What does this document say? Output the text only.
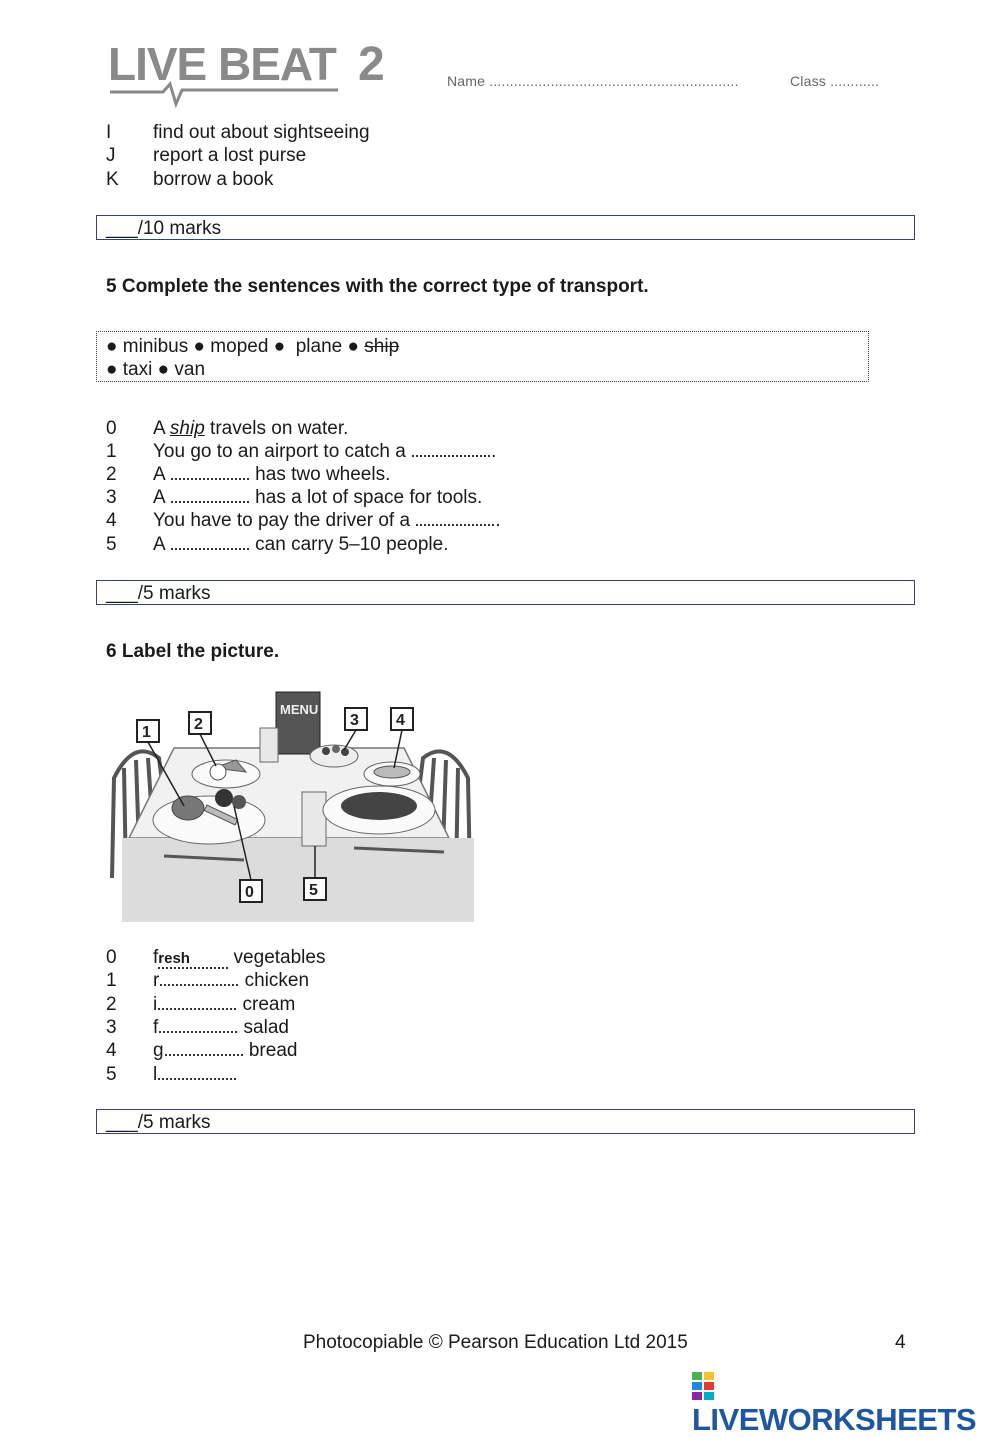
LIVE BEAT 2	Name .............................................................	Class ............
I find out about sightseeing
J report a lost purse
K borrow a book
___/10 marks
5 Complete the sentences with the correct type of transport.
● minibus ● moped ● plane ● ship
● taxi ● van
0 A ship travels on water.
1 You go to an airport to catch a	.
2 A	has two wheels.
3 A	has a lot of space for tools.
4 You have to pay the driver of a	.
5 A	can carry 5–10 people.
___/5 marks
6 Label the picture.
MENU
1	2	3 4
0	5
0 fresh vegetables
1 r	chicken
2 i	cream
3 f	salad
4 g	bread
5 l
___/5 marks
Photocopiable © Pearson Education Ltd 2015	4
LIVEWORKSHEETS
